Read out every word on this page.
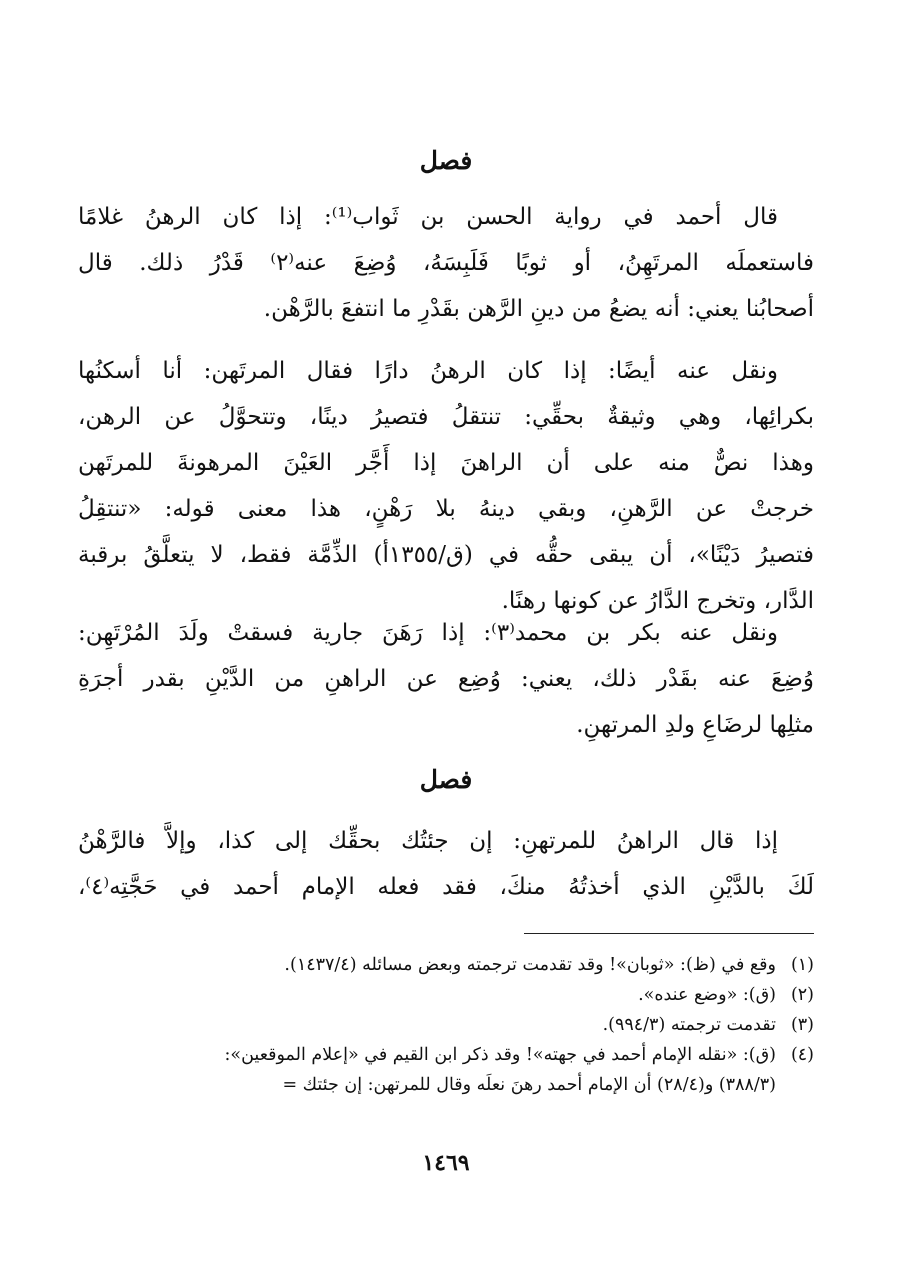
فصل
قال أحمد في رواية الحسن بن ثَواب⁽¹⁾: إذا كان الرهنُ غلامًا
فاستعملَه المرتَهِنُ، أو ثوبًا فَلَبِسَهُ، وُضِعَ عنه⁽٢⁾ قَدْرُ ذلك. قال
أصحابُنا يعني: أنه يضعُ من دينِ الرَّهن بقَدْرِ ما انتفعَ بالرَّهْن.
ونقل عنه أيضًا: إذا كان الرهنُ دارًا فقال المرتَهن: أنا أسكنُها
بكرائِها، وهي وثيقةٌ بحقِّي: تنتقلُ فتصيرُ دينًا، وتتحوَّلُ عن الرهن،
وهذا نصٌّ منه على أن الراهنَ إذا أَجَّر العَيْنَ المرهونةَ للمرتَهن
خرجتْ عن الرَّهنِ، وبقي دينهُ بلا رَهْنٍ، هذا معنى قوله: «تنتقِلُ
فتصيرُ دَيْنًا»، أن يبقى حقُّه في (ق/١٣٥٥أ) الذِّمَّة فقط، لا يتعلَّقُ برقبة
الدَّار، وتخرج الدَّارُ عن كونها رهنًا.
ونقل عنه بكر بن محمد⁽٣⁾: إذا رَهَنَ جارية فسقتْ ولَدَ المُرْتَهِن:
وُضِعَ عنه بقَدْر ذلك، يعني: وُضِع عن الراهنِ من الدَّيْنِ بقدر أجرَةِ
مثلِها لرضَاعِ ولدِ المرتهنِ.
فصل
إذا قال الراهنُ للمرتهنِ: إن جئتُك بحقِّك إلى كذا، وإلاَّ فالرَّهْنُ
لَكَ بالدَّيْنِ الذي أخذتُهُ منكَ، فقد فعله الإمام أحمد في حَجَّتِه⁽٤⁾،
(١)
وقع في (ظ): «ثوبان»! وقد تقدمت ترجمته وبعض مسائله (١٤٣٧/٤).
(٢)
(ق): «وضع عنده».
(٣)
تقدمت ترجمته (٩٩٤/٣).
(٤)
(ق): «نقله الإمام أحمد في جهته»! وقد ذكر ابن القيم في «إعلام الموقعين»:
(٣٨٨/٣) و(٢٨/٤) أن الإمام أحمد رهنَ نعلَه وقال للمرتهن: إن جئتك =
١٤٦٩
